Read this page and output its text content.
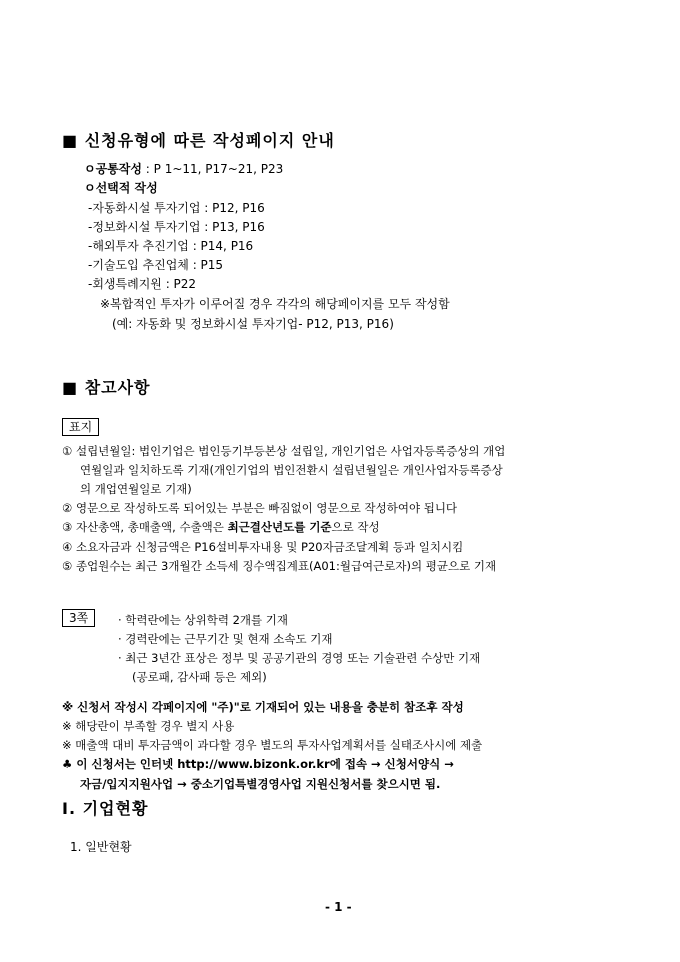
■ 신청유형에 따른 작성페이지 안내
ㅇ공통작성 : P 1~11, P17~21, P23
ㅇ선택적 작성
-자동화시설 투자기업 : P12, P16
-정보화시설 투자기업 : P13, P16
-해외투자 추진기업 : P14, P16
-기술도입 추진업체 : P15
-회생특례지원 : P22
※복합적인 투자가 이루어질 경우 각각의 해당페이지를 모두 작성함
(예: 자동화 및 정보화시설 투자기업- P12, P13, P16)
■ 참고사항
표지
① 설립년월일: 법인기업은 법인등기부등본상 설립일, 개인기업은 사업자등록증상의 개업
연월일과 일치하도록 기재(개인기업의 법인전환시 설립년월일은 개인사업자등록증상
의 개업연월일로 기재)
② 영문으로 작성하도록 되어있는 부분은 빠짐없이 영문으로 작성하여야 됩니다
③ 자산총액, 총매출액, 수출액은 최근결산년도를 기준으로 작성
④ 소요자금과 신청금액은 P16설비투자내용 및 P20자금조달계획 등과 일치시킴
⑤ 종업원수는 최근 3개월간 소득세 징수액집계표(A01:월급여근로자)의 평균으로 기재
3쪽	· 학력란에는 상위학력 2개를 기재
· 경력란에는 근무기간 및 현재 소속도 기재
· 최근 3년간 표상은 정부 및 공공기관의 경영 또는 기술관련 수상만 기재
(공로패, 감사패 등은 제외)
※ 신청서 작성시 각페이지에 "주)"로 기재되어 있는 내용을 충분히 참조후 작성
※ 해당란이 부족할 경우 별지 사용
※ 매출액 대비 투자금액이 과다할 경우 별도의 투자사업계획서를 실태조사시에 제출
♣ 이 신청서는 인터넷 http://www.bizonk.or.kr에 접속 → 신청서양식 →
자금/입지지원사업 → 중소기업특별경영사업 지원신청서를 찾으시면 됨.
Ⅰ. 기업현황
1. 일반현황
- 1 -
